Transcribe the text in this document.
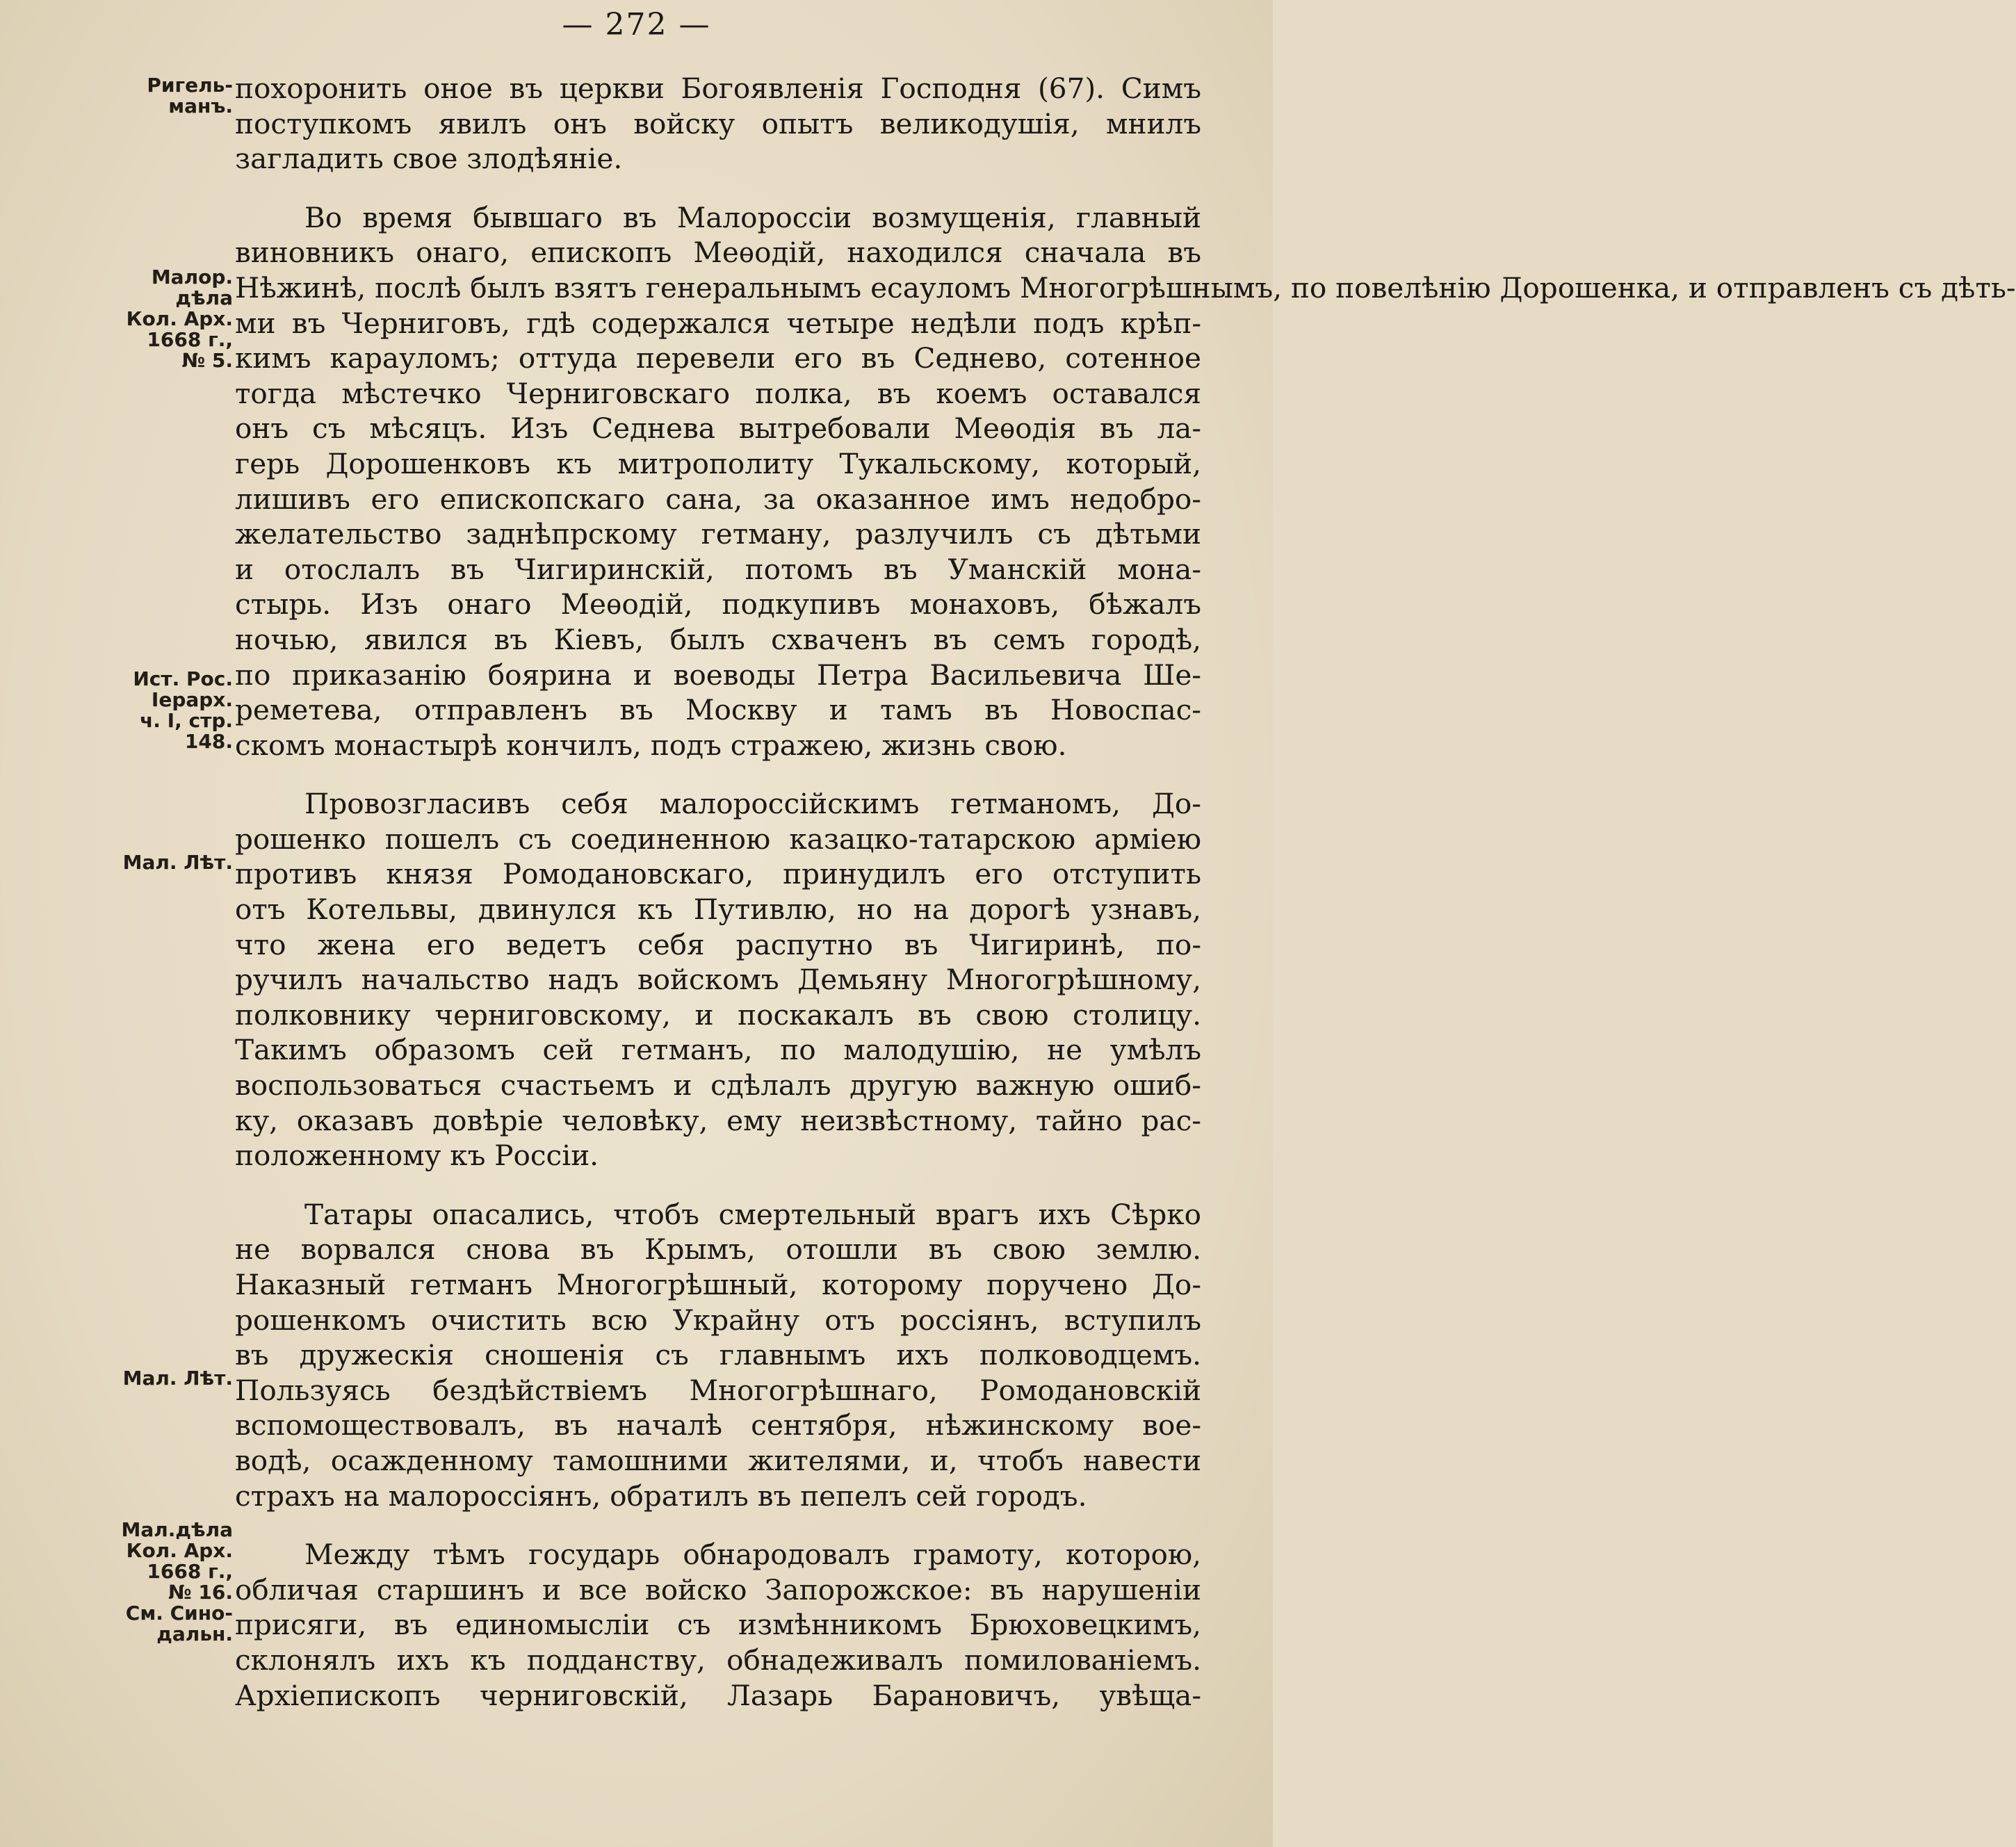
— 272 —
Ригель-
манъ.
Малор.
дѣла
Кол. Арх.
1668 г.,
№ 5.
Ист. Рос.
Іерарх.
ч. I, стр.
148.
Мал. Лѣт.
Мал. Лѣт.
Мал.дѣла
Кол. Арх.
1668 г.,
№ 16.
См. Сино-
дальн.
похоронить оное въ церкви Богоявленія Господня (67). Симъ
поступкомъ явилъ онъ войску опытъ великодушія, мнилъ
загладить свое злодѣяніе.
Во время бывшаго въ Малороссіи возмущенія, главный
виновникъ онаго, епископъ Меѳодій, находился сначала въ
Нѣжинѣ, послѣ былъ взятъ генеральнымъ есауломъ Многогрѣшнымъ, по повелѣнію Дорошенка, и отправленъ съ дѣть-
ми въ Черниговъ, гдѣ содержался четыре недѣли подъ крѣп-
кимъ карауломъ; оттуда перевели его въ Седнево, сотенное
тогда мѣстечко Черниговскаго полка, въ коемъ оставался
онъ съ мѣсяцъ. Изъ Седнева вытребовали Меѳодія въ ла-
герь Дорошенковъ къ митрополиту Тукальскому, который,
лишивъ его епископскаго сана, за оказанное имъ недобро-
желательство заднѣпрскому гетману, разлучилъ съ дѣтьми
и отослалъ въ Чигиринскій, потомъ въ Уманскій мона-
стырь. Изъ онаго Меѳодій, подкупивъ монаховъ, бѣжалъ
ночью, явился въ Кіевъ, былъ схваченъ въ семъ городѣ,
по приказанію боярина и воеводы Петра Васильевича Ше-
реметева, отправленъ въ Москву и тамъ въ Новоспас-
скомъ монастырѣ кончилъ, подъ стражею, жизнь свою.
Провозгласивъ себя малороссійскимъ гетманомъ, До-
рошенко пошелъ съ соединенною казацко-татарскою арміею
противъ князя Ромодановскаго, принудилъ его отступить
отъ Котельвы, двинулся къ Путивлю, но на дорогѣ узнавъ,
что жена его ведетъ себя распутно въ Чигиринѣ, по-
ручилъ начальство надъ войскомъ Демьяну Многогрѣшному,
полковнику черниговскому, и поскакалъ въ свою столицу.
Такимъ образомъ сей гетманъ, по малодушію, не умѣлъ
воспользоваться счастьемъ и сдѣлалъ другую важную ошиб-
ку, оказавъ довѣріе человѣку, ему неизвѣстному, тайно рас-
положенному къ Россіи.
Татары опасались, чтобъ смертельный врагъ ихъ Сѣрко
не ворвался снова въ Крымъ, отошли въ свою землю.
Наказный гетманъ Многогрѣшный, которому поручено До-
рошенкомъ очистить всю Украйну отъ россіянъ, вступилъ
въ дружескія сношенія съ главнымъ ихъ полководцемъ.
Пользуясь бездѣйствіемъ Многогрѣшнаго, Ромодановскій
вспомоществовалъ, въ началѣ сентября, нѣжинскому вое-
водѣ, осажденному тамошними жителями, и, чтобъ навести
страхъ на малороссіянъ, обратилъ въ пепелъ сей городъ.
Между тѣмъ государь обнародовалъ грамоту, которою,
обличая старшинъ и все войско Запорожское: въ нарушеніи
присяги, въ единомысліи съ измѣнникомъ Брюховецкимъ,
склонялъ ихъ къ подданству, обнадеживалъ помилованіемъ.
Архіепископъ черниговскій, Лазарь Барановичъ, увѣща-
